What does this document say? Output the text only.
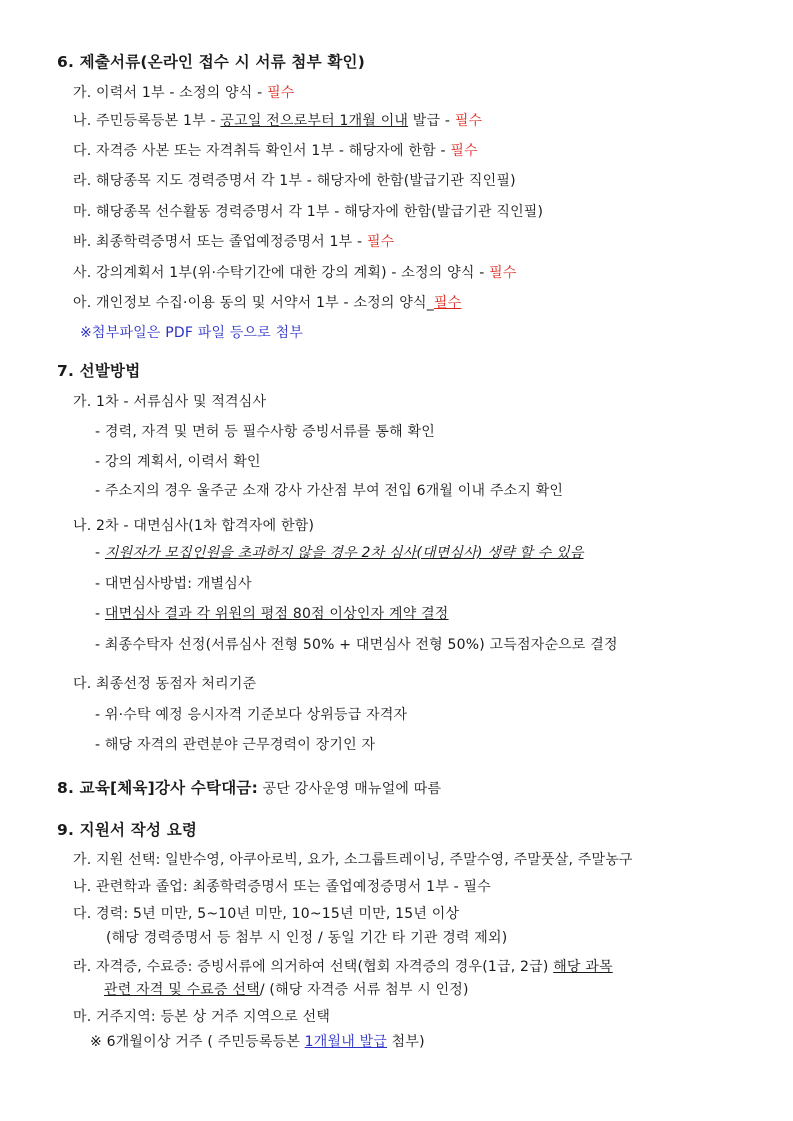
6. 제출서류(온라인 접수 시 서류 첨부 확인)
가. 이력서 1부 - 소정의 양식 - 필수
나. 주민등록등본 1부 - 공고일 전으로부터 1개월 이내 발급 - 필수
다. 자격증 사본 또는 자격취득 확인서 1부 - 해당자에 한함 - 필수
라. 해당종목 지도 경력증명서 각 1부 - 해당자에 한함(발급기관 직인필)
마. 해당종목 선수활동 경력증명서 각 1부 - 해당자에 한함(발급기관 직인필)
바. 최종학력증명서 또는 졸업예정증명서 1부 - 필수
사. 강의계획서 1부(위·수탁기간에 대한 강의 계획) - 소정의 양식 - 필수
아. 개인정보 수집·이용 동의 및 서약서 1부 - 소정의 양식_필수
※첨부파일은 PDF 파일 등으로 첨부
7. 선발방법
가. 1차 - 서류심사 및 적격심사
- 경력, 자격 및 면허 등 필수사항 증빙서류를 통해 확인
- 강의 계획서, 이력서 확인
- 주소지의 경우 울주군 소재 강사 가산점 부여 전입 6개월 이내 주소지 확인
나. 2차 - 대면심사(1차 합격자에 한함)
- 지원자가 모집인원을 초과하지 않을 경우 2차 심사(대면심사) 생략 할 수 있음
- 대면심사방법: 개별심사
- 대면심사 결과 각 위원의 평점 80점 이상인자 계약 결정
- 최종수탁자 선정(서류심사 전형 50% + 대면심사 전형 50%) 고득점자순으로 결정
다. 최종선정 동점자 처리기준
- 위·수탁 예정 응시자격 기준보다 상위등급 자격자
- 해당 자격의 관련분야 근무경력이 장기인 자
8. 교육[체육]강사 수탁대금: 공단 강사운영 매뉴얼에 따름
9. 지원서 작성 요령
가. 지원 선택: 일반수영, 아쿠아로빅, 요가, 소그룹트레이닝, 주말수영, 주말풋살, 주말농구
나. 관련학과 졸업: 최종학력증명서 또는 졸업예정증명서 1부 - 필수
다. 경력: 5년 미만, 5~10년 미만, 10~15년 미만, 15년 이상
(해당 경력증명서 등 첨부 시 인정 / 동일 기간 타 기관 경력 제외)
라. 자격증, 수료증: 증빙서류에 의거하여 선택(협회 자격증의 경우(1급, 2급) 해당 과목
관련 자격 및 수료증 선택/ (해당 자격증 서류 첨부 시 인정)
마. 거주지역: 등본 상 거주 지역으로 선택
※ 6개월이상 거주 ( 주민등록등본 1개월내 발급 첨부)
